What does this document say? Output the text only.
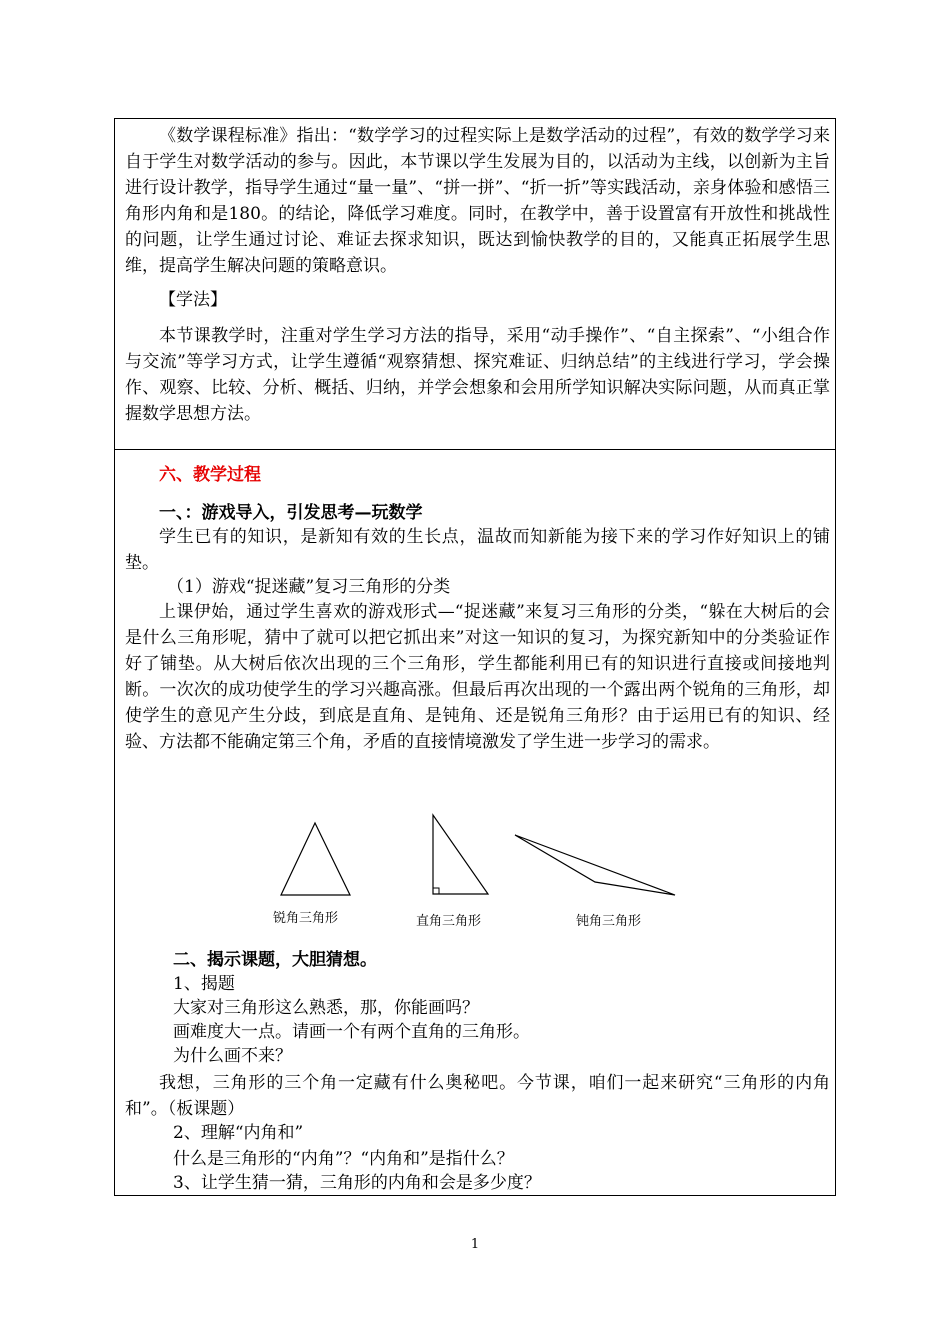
《数学课程标准》指出：“数学学习的过程实际上是数学活动的过程”，有效的数学学习来自于学生对数学活动的参与。因此，本节课以学生发展为目的，以活动为主线，以创新为主旨进行设计教学，指导学生通过“量一量”、“拼一拼”、“折一折”等实践活动，亲身体验和感悟三角形内角和是180。的结论，降低学习难度。同时，在教学中，善于设置富有开放性和挑战性的问题，让学生通过讨论、难证去探求知识，既达到愉快教学的目的，又能真正拓展学生思维，提高学生解决问题的策略意识。

【学法】

本节课教学时，注重对学生学习方法的指导，采用“动手操作”、“自主探索”、“小组合作与交流”等学习方式，让学生遵循“观察猜想、探究难证、归纳总结”的主线进行学习，学会操作、观察、比较、分析、概括、归纳，并学会想象和会用所学知识解决实际问题，从而真正掌握数学思想方法。

六、教学过程

一、：游戏导入，引发思考—玩数学

学生已有的知识，是新知有效的生长点，温故而知新能为接下来的学习作好知识上的铺垫。

（1）游戏“捉迷藏”复习三角形的分类

上课伊始，通过学生喜欢的游戏形式—“捉迷藏”来复习三角形的分类，“躲在大树后的会是什么三角形呢，猜中了就可以把它抓出来”对这一知识的复习，为探究新知中的分类验证作好了铺垫。从大树后依次出现的三个三角形，学生都能利用已有的知识进行直接或间接地判断。一次次的成功使学生的学习兴趣高涨。但最后再次出现的一个露出两个锐角的三角形，却使学生的意见产生分歧，到底是直角、是钝角、还是锐角三角形？由于运用已有的知识、经验、方法都不能确定第三个角，矛盾的直接情境激发了学生进一步学习的需求。

锐角三角形	直角三角形	钝角三角形

二、揭示课题，大胆猜想。

1、揭题

大家对三角形这么熟悉，那，你能画吗？

画难度大一点。请画一个有两个直角的三角形。

为什么画不来？

我想，三角形的三个角一定藏有什么奥秘吧。今节课，咱们一起来研究“三角形的内角和”。（板课题）

2、理解“内角和”

什么是三角形的“内角”？“内角和”是指什么？

3、让学生猜一猜，三角形的内角和会是多少度？

1
